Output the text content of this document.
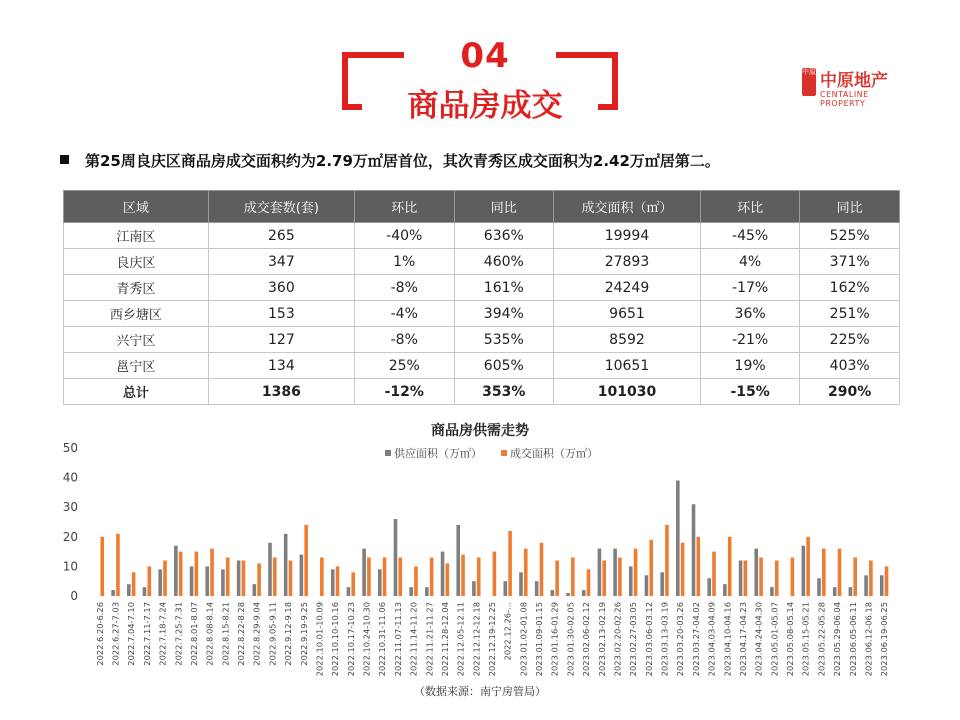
04
商品房成交
中原 中原地产
CENTALINE PROPERTY
第25周良庆区商品房成交面积约为2.79万㎡居首位，其次青秀区成交面积为2.42万㎡居第二。
区域	成交套数(套)	环比	同比	成交面积（㎡）	环比	同比
江南区	265	-40%	636%	19994	-45%	525%
良庆区	347	1%	460%	27893	4%	371%
青秀区	360	-8%	161%	24249	-17%	162%
西乡塘区	153	-4%	394%	9651	36%	251%
兴宁区	127	-8%	535%	8592	-21%	225%
邕宁区	134	25%	605%	10651	19%	403%
总计	1386	-12%	353%	101030	-15%	290%
商品房供需走势
供应面积（万㎡）	成交面积（万㎡）
0
10
20
30
40
50
2022.6.20-6.26 2022.6.27-7.03 2022.7.04-7.10 2022.7.11-7.17 2022.7.18-7.24 2022.7.25-7.31 2022.8.01-8.07 2022.8.08-8.14 2022.8.15-8.21 2022.8.22-8.28 2022.8.29-9.04 2022.9.05-9.11 2022.9.12-9.18 2022.9.19-9.25 2022.10.01-10.09 2022.10.10-10.16 2022.10.17-10.23 2022.10.24-10.30 2022.10.31-11.06 2022.11.07-11.13 2022.11.14-11.20 2022.11.21-11.27 2022.11.28-12.04 2022.12.05-12.11 2022.12.12-12.18 2022.12.19-12.25 2022.12.26-... 2023.01.02-01.08 2023.01.09-01.15 2023.01.16-01.29 2023.01.30-02.05 2023.02.06-02.12 2023.02.13-02.19 2023.02.20-02.26 2023.02.27-03.05 2023.03.06-03.12 2023.03.13-03.19 2023.03.20-03.26 2023.03.27-04.02 2023.04.03-04.09 2023.04.10-04.16 2023.04.17-04.23 2023.04.24-04.30 2023.05.01-05.07 2023.05.08-05.14 2023.05.15-05.21 2023.05.22-05.28 2023.05.29-06.04 2023.06.05-06.11 2023.06.12-06.18 2023.06.19-06.25
（数据来源：南宁房管局）
